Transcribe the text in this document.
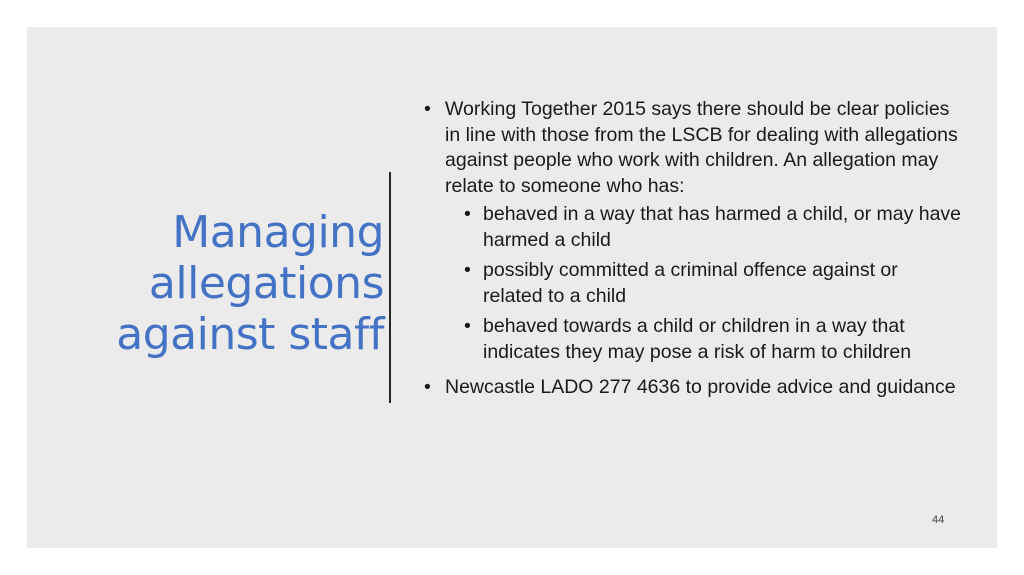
Managing
allegations
against staff
• Working Together 2015 says there should be clear policies in line with those from the LSCB for dealing with allegations against people who work with children. An allegation may relate to someone who has:
• behaved in a way that has harmed a child, or may have harmed a child
• possibly committed a criminal offence against or related to a child
• behaved towards a child or children in a way that indicates they may pose a risk of harm to children
• Newcastle LADO 277 4636 to provide advice and guidance
44
